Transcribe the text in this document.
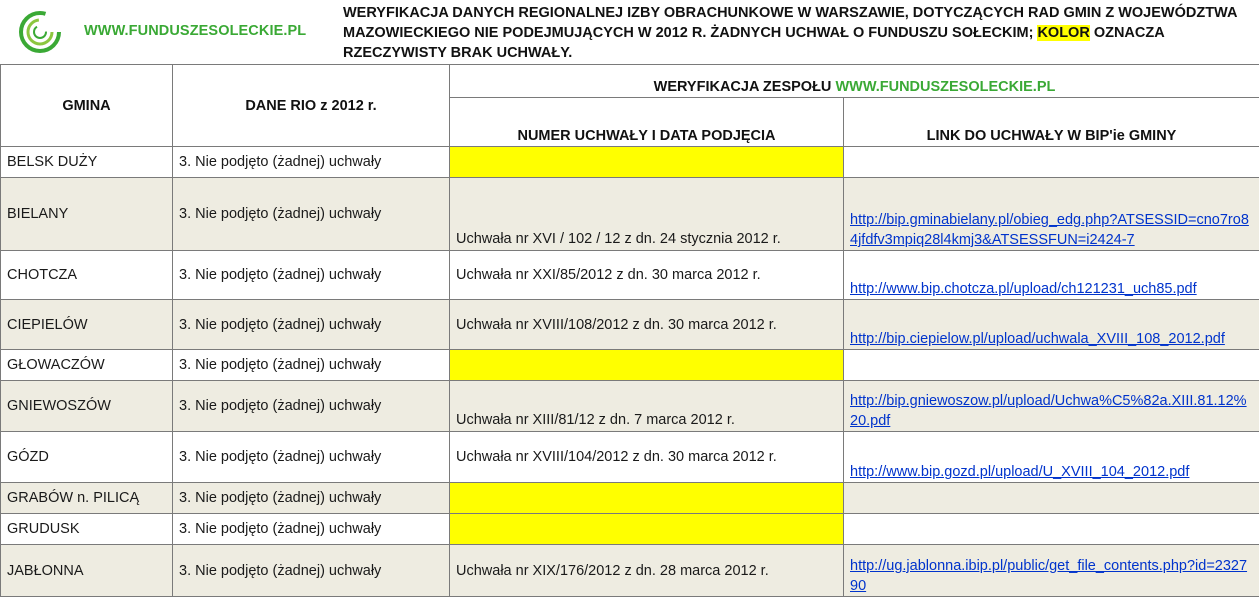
WWW.FUNDUSZESOLECKIE.PL
WERYFIKACJA DANYCH REGIONALNEJ IZBY OBRACHUNKOWE W WARSZAWIE, DOTYCZĄCYCH RAD GMIN Z WOJEWÓDZTWA MAZOWIECKIEGO NIE PODEJMUJĄCYCH W 2012 R. ŻADNYCH UCHWAŁ O FUNDUSZU SOŁECKIM; KOLOR OZNACZA RZECZYWISTY BRAK UCHWAŁY.
GMINA	DANE RIO z 2012 r.	WERYFIKACJA ZESPOŁU WWW.FUNDUSZESOLECKIE.PL	
		NUMER UCHWAŁY I DATA PODJĘCIA	LINK DO UCHWAŁY W BIP'ie GMINY
BELSK DUŻY	3. Nie podjęto (żadnej) uchwały		
BIELANY	3. Nie podjęto (żadnej) uchwały	Uchwała nr XVI / 102 / 12 z dn. 24 stycznia 2012 r.	http://bip.gminabielany.pl/obieg_edg.php?ATSESSID=cno7ro84jfdfv3mpiq28l4kmj3&ATSESSFUN=i2424-7
CHOTCZA	3. Nie podjęto (żadnej) uchwały	Uchwała nr XXI/85/2012 z dn. 30 marca 2012 r.	http://www.bip.chotcza.pl/upload/ch121231_uch85.pdf
CIEPIELÓW	3. Nie podjęto (żadnej) uchwały	Uchwała nr XVIII/108/2012 z dn. 30 marca 2012 r.	http://bip.ciepielow.pl/upload/uchwala_XVIII_108_2012.pdf
GŁOWACZÓW	3. Nie podjęto (żadnej) uchwały		
GNIEWOSZÓW	3. Nie podjęto (żadnej) uchwały	Uchwała nr XIII/81/12 z dn. 7 marca 2012 r.	http://bip.gniewoszow.pl/upload/Uchwa%C5%82a.XIII.81.12%20.pdf
GÓZD	3. Nie podjęto (żadnej) uchwały	Uchwała nr XVIII/104/2012 z dn. 30 marca 2012 r.	http://www.bip.gozd.pl/upload/U_XVIII_104_2012.pdf
GRABÓW n. PILICĄ	3. Nie podjęto (żadnej) uchwały		
GRUDUSK	3. Nie podjęto (żadnej) uchwały		
JABŁONNA	3. Nie podjęto (żadnej) uchwały	Uchwała nr XIX/176/2012 z dn. 28 marca 2012 r.	http://ug.jablonna.ibip.pl/public/get_file_contents.php?id=232790
